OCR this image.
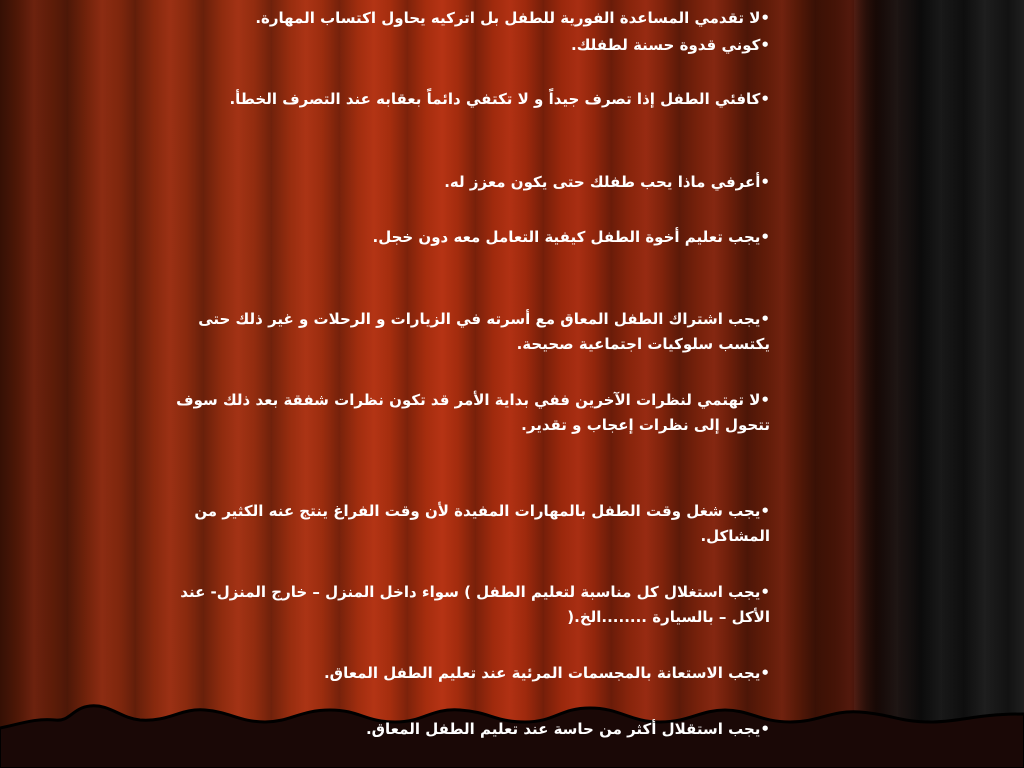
•لا تقدمي المساعدة الفورية للطفل بل اتركيه يحاول اكتساب المهارة.

•كوني قدوة حسنة لطفلك.

•كافئي الطفل إذا تصرف جيداً و لا تكتفي دائماً بعقابه عند التصرف الخطأ.

•أعرفي ماذا يحب طفلك حتى يكون معزز له.

•يجب تعليم أخوة الطفل كيفية التعامل معه دون خجل.

•يجب اشتراك الطفل المعاق مع أسرته في الزيارات و الرحلات و غير ذلك حتى يكتسب سلوكيات اجتماعية صحيحة.

•لا تهتمي لنظرات الآخرين ففي بداية الأمر قد تكون نظرات شفقة بعد ذلك سوف تتحول إلى نظرات إعجاب و تقدير.

•يجب شغل وقت الطفل بالمهارات المفيدة لأن وقت الفراغ ينتج عنه الكثير من المشاكل.

•يجب استغلال كل مناسبة لتعليم الطفل ) سواء داخل المنزل – خارج المنزل- عند الأكل – بالسيارة ........الخ.(

•يجب الاستعانة بالمجسمات المرئية عند تعليم الطفل المعاق.

•يجب استقلال أكثر من حاسة عند تعليم الطفل المعاق.
